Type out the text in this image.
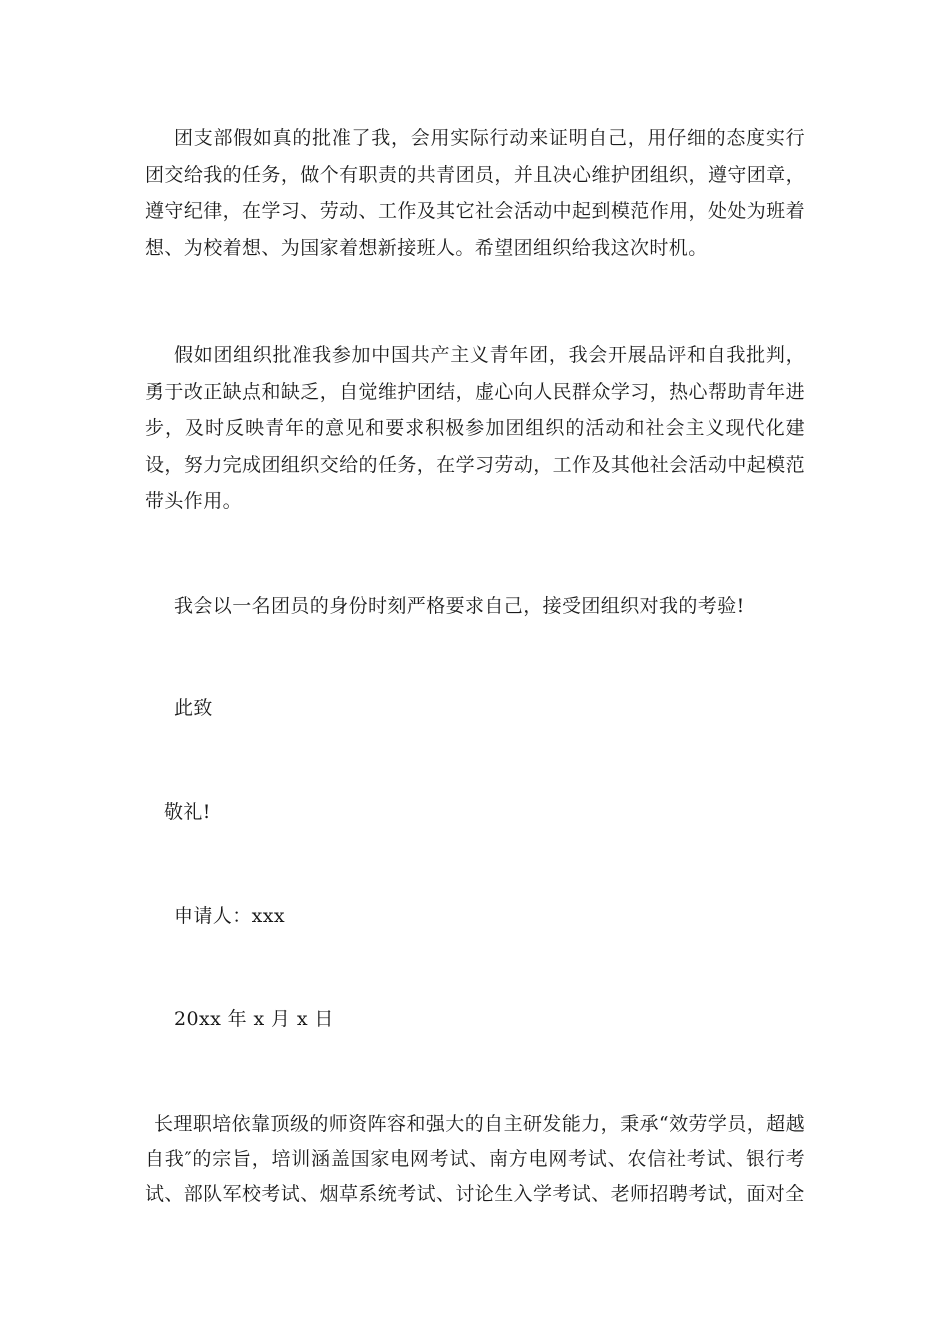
团支部假如真的批准了我，会用实际行动来证明自己，用仔细的态度实行团交给我的任务，做个有职责的共青团员，并且决心维护团组织，遵守团章，遵守纪律，在学习、劳动、工作及其它社会活动中起到模范作用，处处为班着想、为校着想、为国家着想新接班人。希望团组织给我这次时机。

假如团组织批准我参加中国共产主义青年团，我会开展品评和自我批判，勇于改正缺点和缺乏，自觉维护团结，虚心向人民群众学习，热心帮助青年进步，及时反映青年的意见和要求积极参加团组织的活动和社会主义现代化建设，努力完成团组织交给的任务，在学习劳动，工作及其他社会活动中起模范带头作用。

我会以一名团员的身份时刻严格要求自己，接受团组织对我的考验!

此致

敬礼!

申请人：xxx

20xx 年 x 月 x 日

长理职培依靠顶级的师资阵容和强大的自主研发能力，秉承“效劳学员，超越自我″的宗旨，培训涵盖国家电网考试、南方电网考试、农信社考试、银行考试、部队军校考试、烟草系统考试、讨论生入学考试、老师招聘考试，面对全
